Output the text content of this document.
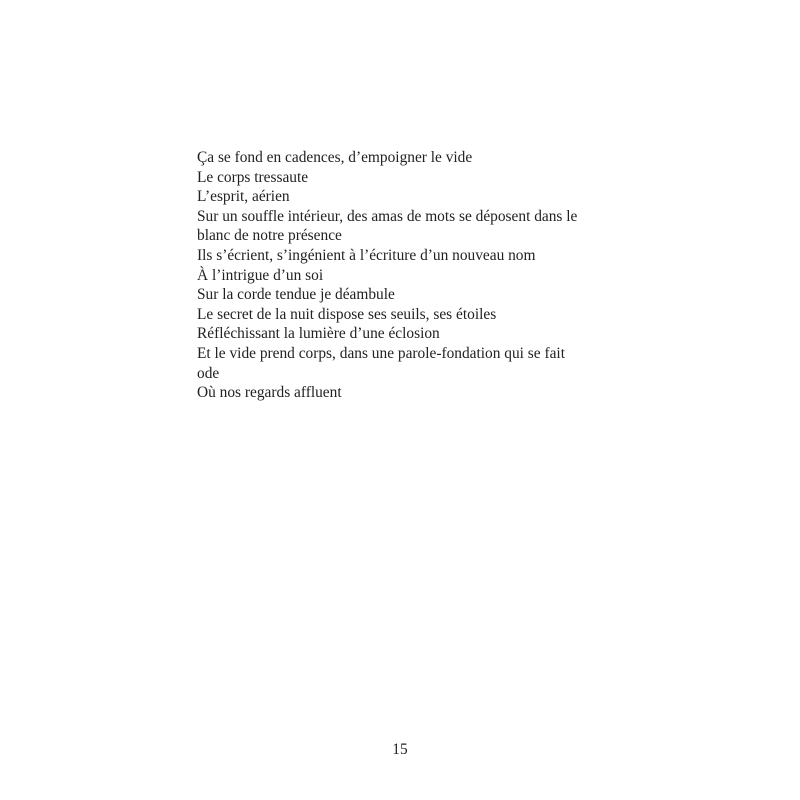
Ça se fond en cadences, d’empoigner le vide
Le corps tressaute
L’esprit, aérien
Sur un souffle intérieur, des amas de mots se déposent dans le
blanc de notre présence
Ils s’écrient, s’ingénient à l’écriture d’un nouveau nom
À l’intrigue d’un soi
Sur la corde tendue je déambule
Le secret de la nuit dispose ses seuils, ses étoiles
Réfléchissant la lumière d’une éclosion
Et le vide prend corps, dans une parole-fondation qui se fait
ode
Où nos regards affluent
15
